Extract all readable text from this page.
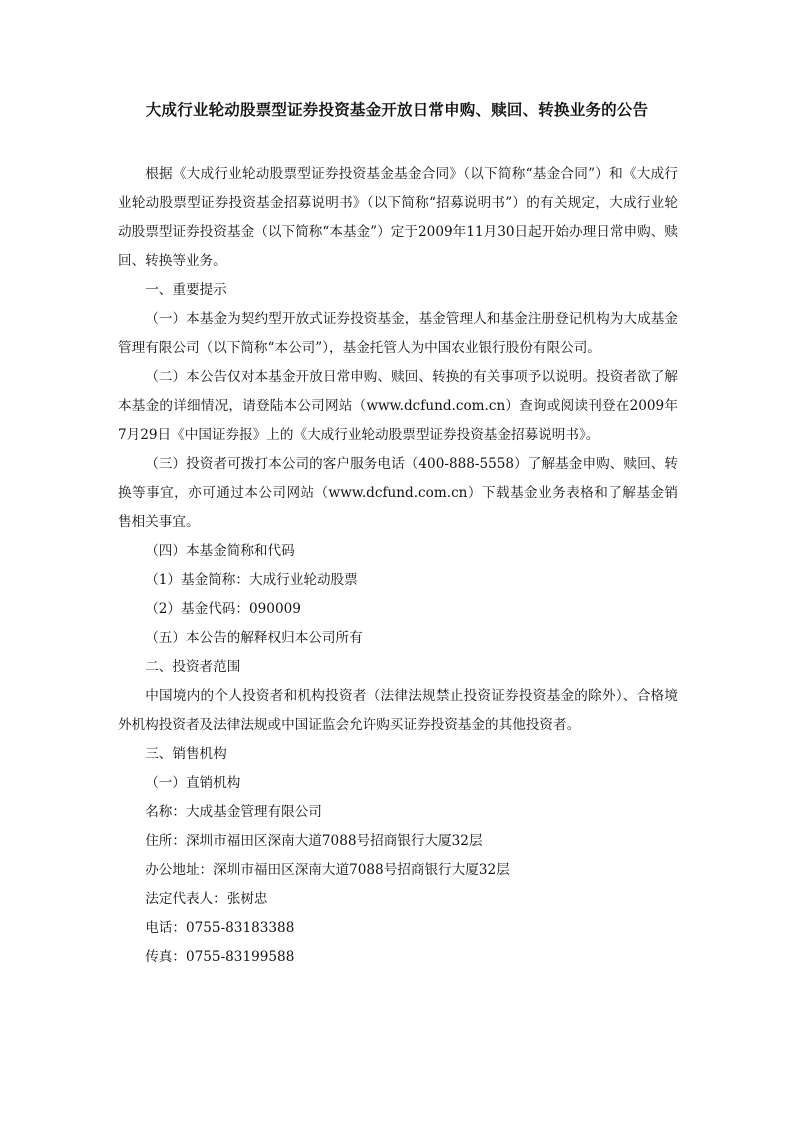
大成行业轮动股票型证券投资基金开放日常申购、赎回、转换业务的公告

根据《大成行业轮动股票型证券投资基金基金合同》（以下简称“基金合同”）和《大成行业轮动股票型证券投资基金招募说明书》（以下简称“招募说明书”）的有关规定，大成行业轮动股票型证券投资基金（以下简称“本基金”）定于2009年11月30日起开始办理日常申购、赎回、转换等业务。

一、重要提示

（一）本基金为契约型开放式证券投资基金，基金管理人和基金注册登记机构为大成基金管理有限公司（以下简称“本公司”），基金托管人为中国农业银行股份有限公司。

（二）本公告仅对本基金开放日常申购、赎回、转换的有关事项予以说明。投资者欲了解本基金的详细情况，请登陆本公司网站（www.dcfund.com.cn）查询或阅读刊登在2009年7月29日《中国证券报》上的《大成行业轮动股票型证券投资基金招募说明书》。

（三）投资者可拨打本公司的客户服务电话（400-888-5558）了解基金申购、赎回、转换等事宜，亦可通过本公司网站（www.dcfund.com.cn）下载基金业务表格和了解基金销售相关事宜。

（四）本基金简称和代码

（1）基金简称：大成行业轮动股票

（2）基金代码：090009

（五）本公告的解释权归本公司所有

二、投资者范围

中国境内的个人投资者和机构投资者（法律法规禁止投资证券投资基金的除外）、合格境外机构投资者及法律法规或中国证监会允许购买证券投资基金的其他投资者。

三、销售机构

（一）直销机构

名称：大成基金管理有限公司

住所：深圳市福田区深南大道7088号招商银行大厦32层

办公地址：深圳市福田区深南大道7088号招商银行大厦32层

法定代表人：张树忠

电话：0755-83183388

传真：0755-83199588
